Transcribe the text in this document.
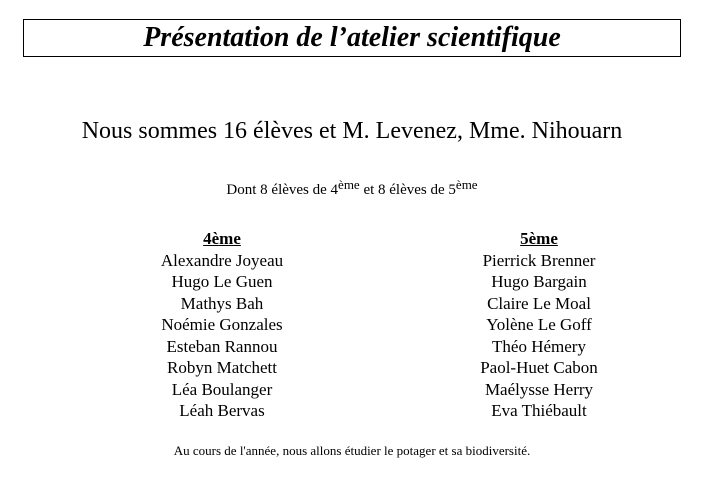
Présentation de l’atelier scientifique
Nous sommes 16 élèves et M. Levenez, Mme. Nihouarn
Dont 8 élèves de 4ème et 8 élèves de 5ème
4ème
Alexandre Joyeau
Hugo Le Guen
Mathys Bah
Noémie Gonzales
Esteban Rannou
Robyn Matchett
Léa Boulanger
Léah Bervas
5ème
Pierrick Brenner
Hugo Bargain
Claire Le Moal
Yolène Le Goff
Théo Hémery
Paol-Huet Cabon
Maélysse Herry
Eva Thiébault
Au cours de l'année, nous allons étudier le potager et sa biodiversité.
